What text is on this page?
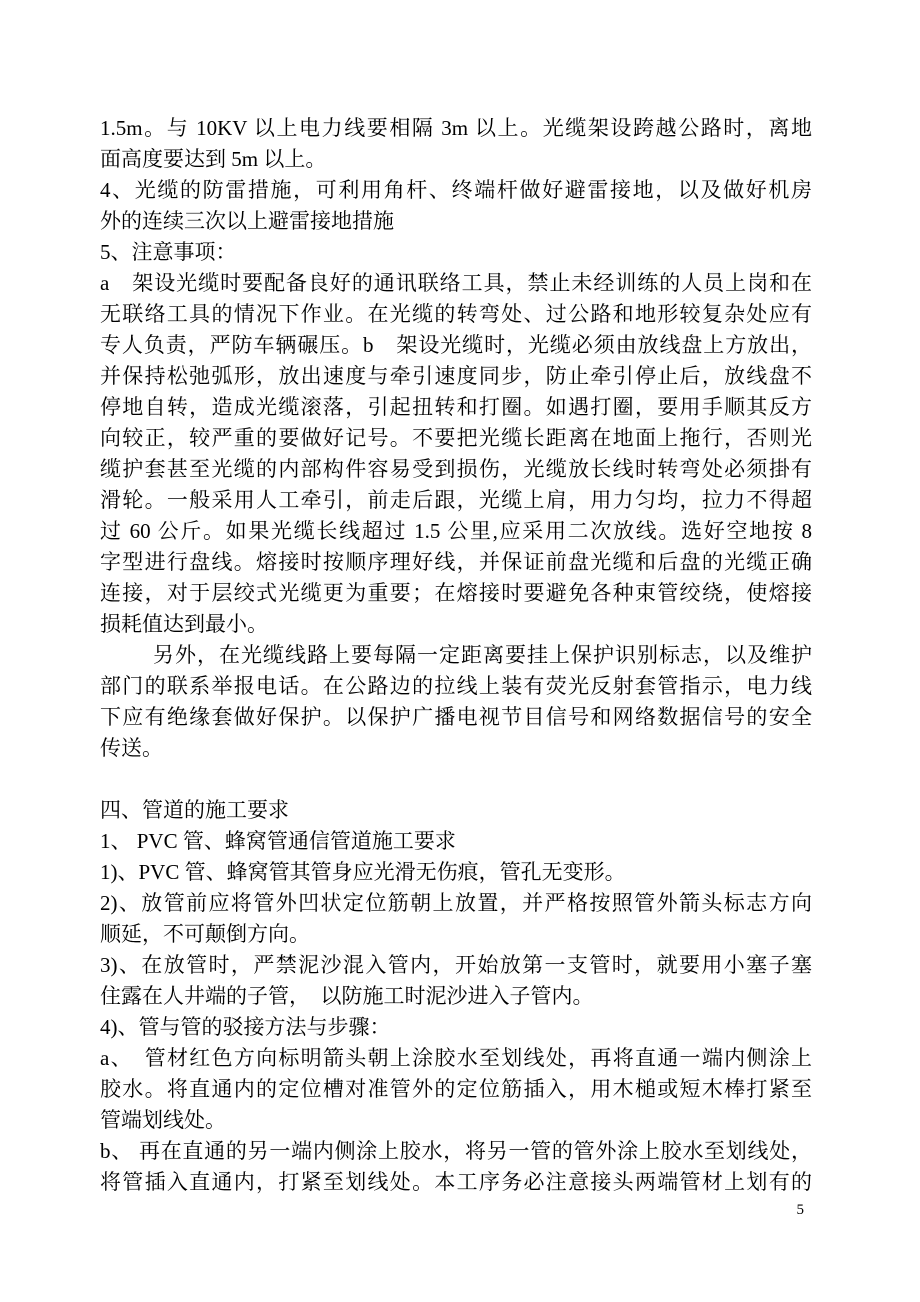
1.5m。与 10KV 以上电力线要相隔 3m 以上。光缆架设跨越公路时，离地
面高度要达到 5m 以上。
4、光缆的防雷措施，可利用角杆、终端杆做好避雷接地，以及做好机房
外的连续三次以上避雷接地措施
5、注意事项：
a　架设光缆时要配备良好的通讯联络工具，禁止未经训练的人员上岗和在
无联络工具的情况下作业。在光缆的转弯处、过公路和地形较复杂处应有
专人负责，严防车辆碾压。b　架设光缆时，光缆必须由放线盘上方放出，
并保持松弛弧形，放出速度与牵引速度同步，防止牵引停止后，放线盘不
停地自转，造成光缆滚落，引起扭转和打圈。如遇打圈，要用手顺其反方
向较正，较严重的要做好记号。不要把光缆长距离在地面上拖行，否则光
缆护套甚至光缆的内部构件容易受到损伤，光缆放长线时转弯处必须掛有
滑轮。一般采用人工牵引，前走后跟，光缆上肩，用力匀均，拉力不得超
过 60 公斤。如果光缆长线超过 1.5 公里,应采用二次放线。选好空地按 8
字型进行盘线。熔接时按顺序理好线，并保证前盘光缆和后盘的光缆正确
连接，对于层绞式光缆更为重要；在熔接时要避免各种束管绞绕，使熔接
损耗值达到最小。
另外，在光缆线路上要每隔一定距离要挂上保护识别标志，以及维护
部门的联系举报电话。在公路边的拉线上装有荧光反射套管指示，电力线
下应有绝缘套做好保护。以保护广播电视节目信号和网络数据信号的安全
传送。
四、管道的施工要求
1、 PVC 管、蜂窝管通信管道施工要求
1)、PVC 管、蜂窝管其管身应光滑无伤痕，管孔无变形。
2)、放管前应将管外凹状定位筋朝上放置，并严格按照管外箭头标志方向
顺延，不可颠倒方向。
3)、在放管时，严禁泥沙混入管内，开始放第一支管时，就要用小塞子塞
住露在人井端的子管，　以防施工时泥沙进入子管内。
4)、管与管的驳接方法与步骤：
a、　管材红色方向标明箭头朝上涂胶水至划线处，再将直通一端内侧涂上
胶水。将直通内的定位槽对准管外的定位筋插入，用木槌或短木棒打紧至
管端划线处。
b、 再在直通的另一端内侧涂上胶水，将另一管的管外涂上胶水至划线处，
将管插入直通内，打紧至划线处。本工序务必注意接头两端管材上划有的
5
